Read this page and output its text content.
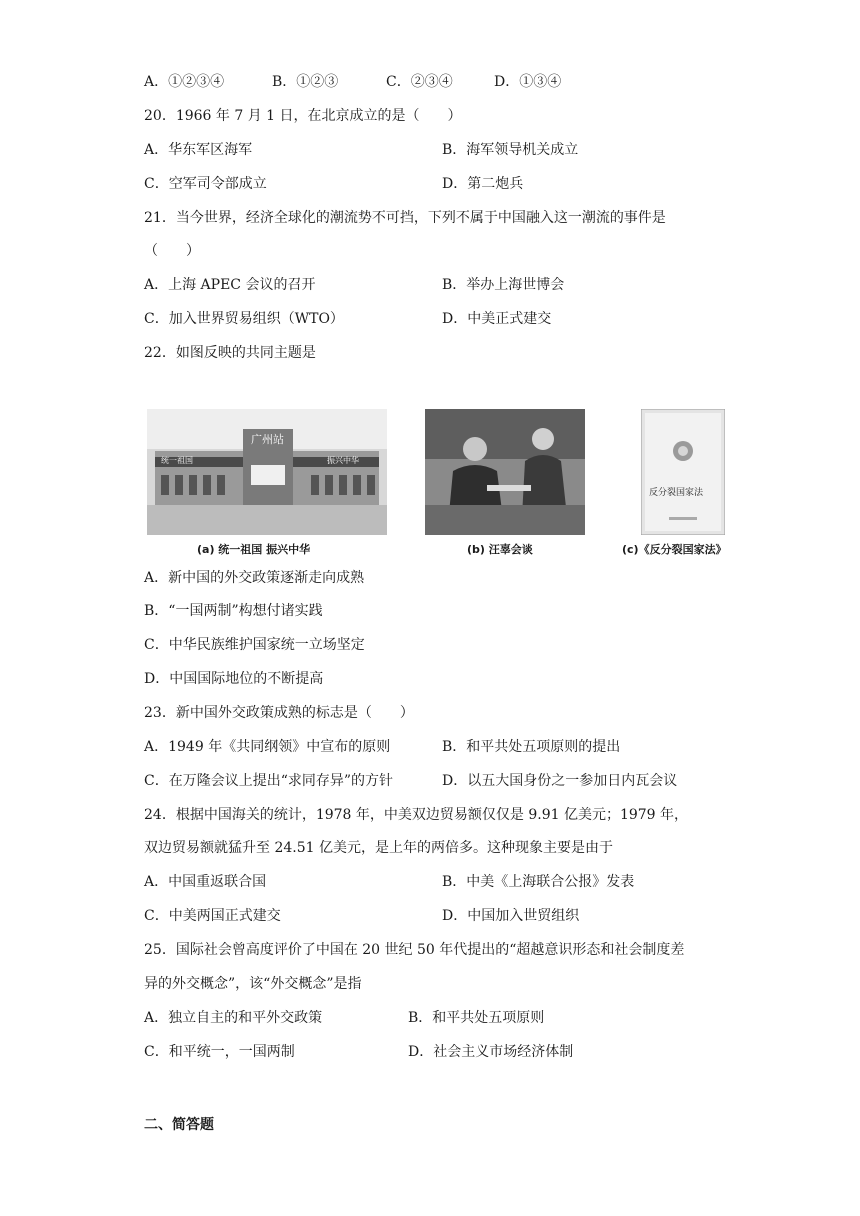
A．①②③④	B．①②③	C．②③④	D．①③④
20．1966 年 7 月 1 日，在北京成立的是（　　）
A．华东军区海军	B．海军领导机关成立
C．空军司令部成立	D．第二炮兵
21．当今世界，经济全球化的潮流势不可挡，下列不属于中国融入这一潮流的事件是
（　　）
A．上海 APEC 会议的召开	B．举办上海世博会
C．加入世界贸易组织（WTO）	D．中美正式建交
22．如图反映的共同主题是
统一祖国
广州站
振兴中华
(a) 统一祖国 振兴中华	(b) 汪辜会谈
反分裂国家法
(c)《反分裂国家法》
A．新中国的外交政策逐渐走向成熟
B．“一国两制”构想付诸实践
C．中华民族维护国家统一立场坚定
D．中国国际地位的不断提高
23．新中国外交政策成熟的标志是（　　）
A．1949 年《共同纲领》中宣布的原则	B．和平共处五项原则的提出
C．在万隆会议上提出“求同存异”的方针	D．以五大国身份之一参加日内瓦会议
24．根据中国海关的统计，1978 年，中美双边贸易额仅仅是 9.91 亿美元；1979 年，
双边贸易额就猛升至 24.51 亿美元，是上年的两倍多。这种现象主要是由于
A．中国重返联合国	B．中美《上海联合公报》发表
C．中美两国正式建交	D．中国加入世贸组织
25．国际社会曾高度评价了中国在 20 世纪 50 年代提出的“超越意识形态和社会制度差
异的外交概念”，该“外交概念”是指
A．独立自主的和平外交政策	B．和平共处五项原则
C．和平统一，一国两制	D．社会主义市场经济体制
二、简答题
